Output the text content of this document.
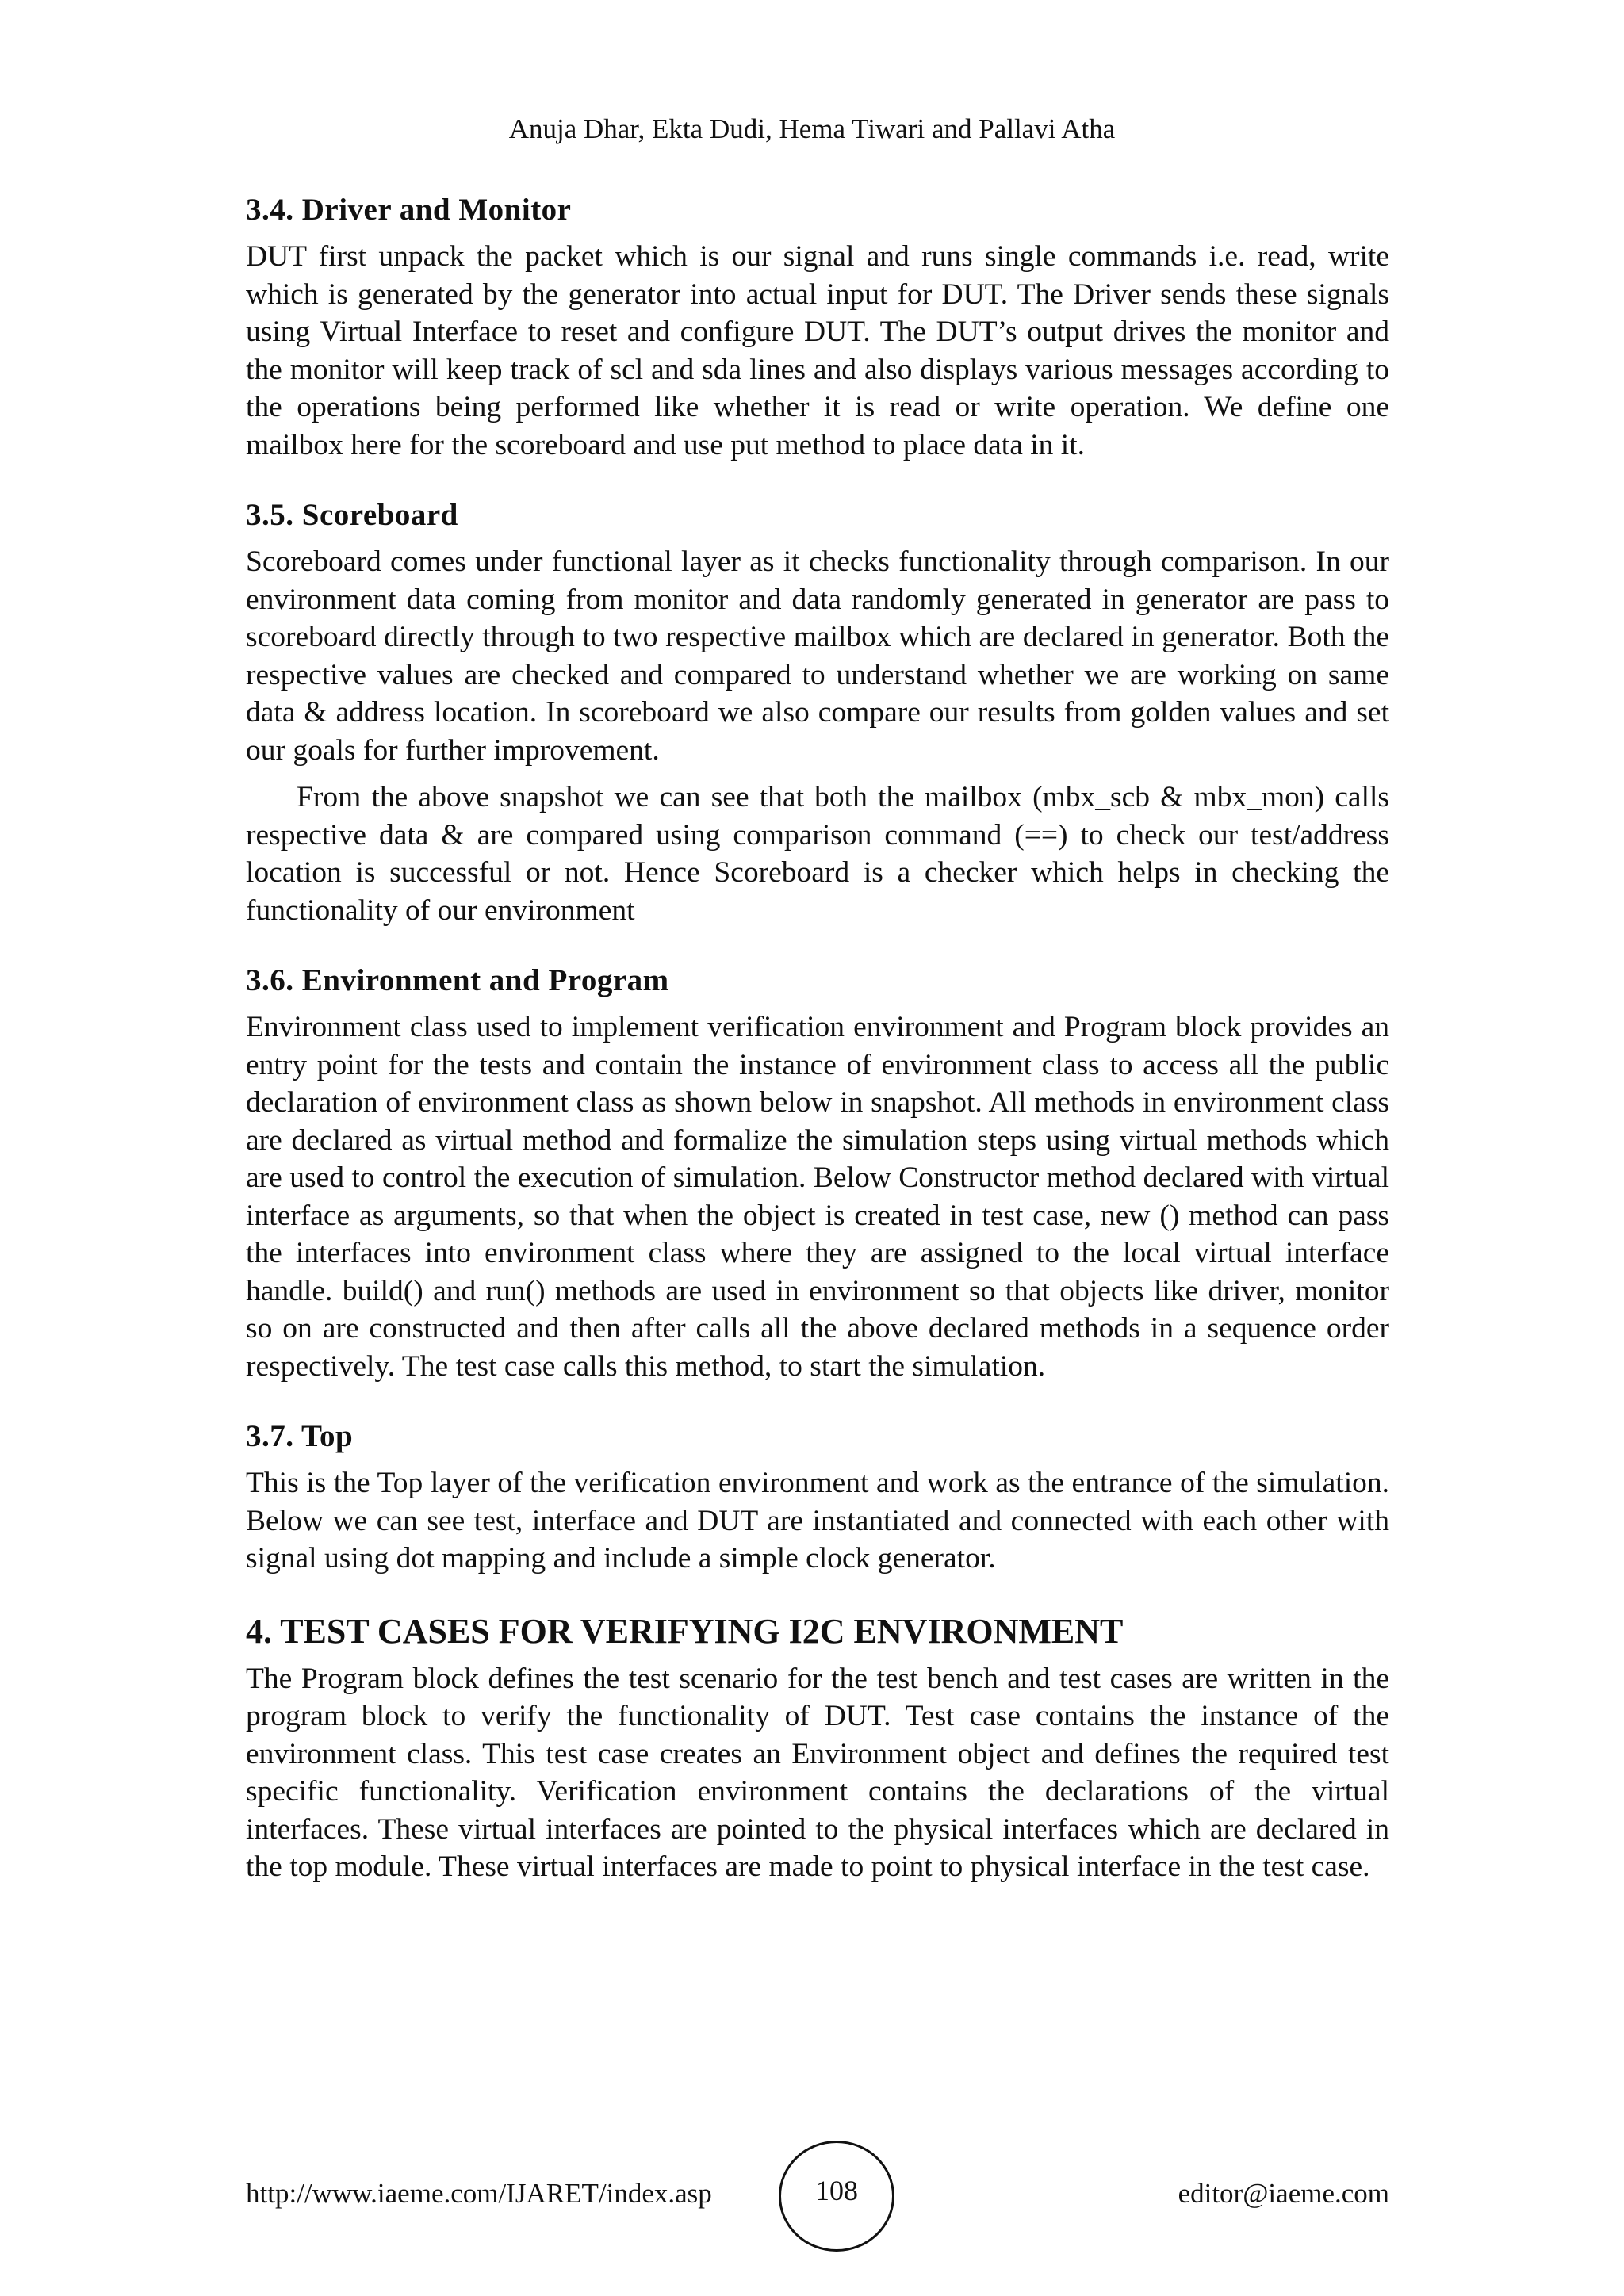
Anuja Dhar, Ekta Dudi, Hema Tiwari and Pallavi Atha
3.4. Driver and Monitor

DUT first unpack the packet which is our signal and runs single commands i.e. read, write which is generated by the generator into actual input for DUT. The Driver sends these signals using Virtual Interface to reset and configure DUT. The DUT’s output drives the monitor and the monitor will keep track of scl and sda lines and also displays various messages according to the operations being performed like whether it is read or write operation. We define one mailbox here for the scoreboard and use put method to place data in it.

3.5. Scoreboard

Scoreboard comes under functional layer as it checks functionality through comparison. In our environment data coming from monitor and data randomly generated in generator are pass to scoreboard directly through to two respective mailbox which are declared in generator. Both the respective values are checked and compared to understand whether we are working on same data & address location. In scoreboard we also compare our results from golden values and set our goals for further improvement.

From the above snapshot we can see that both the mailbox (mbx_scb & mbx_mon) calls respective data & are compared using comparison command (==) to check our test/address location is successful or not. Hence Scoreboard is a checker which helps in checking the functionality of our environment

3.6. Environment and Program

Environment class used to implement verification environment and Program block provides an entry point for the tests and contain the instance of environment class to access all the public declaration of environment class as shown below in snapshot. All methods in environment class are declared as virtual method and formalize the simulation steps using virtual methods which are used to control the execution of simulation. Below Constructor method declared with virtual interface as arguments, so that when the object is created in test case, new () method can pass the interfaces into environment class where they are assigned to the local virtual interface handle. build() and run() methods are used in environment so that objects like driver, monitor so on are constructed and then after calls all the above declared methods in a sequence order respectively. The test case calls this method, to start the simulation.

3.7. Top

This is the Top layer of the verification environment and work as the entrance of the simulation. Below we can see test, interface and DUT are instantiated and connected with each other with signal using dot mapping and include a simple clock generator.

4. TEST CASES FOR VERIFYING I2C ENVIRONMENT

The Program block defines the test scenario for the test bench and test cases are written in the program block to verify the functionality of DUT. Test case contains the instance of the environment class. This test case creates an Environment object and defines the required test specific functionality. Verification environment contains the declarations of the virtual interfaces. These virtual interfaces are pointed to the physical interfaces which are declared in the top module. These virtual interfaces are made to point to physical interface in the test case.

http://www.iaeme.com/IJARET/index.asp	108	editor@iaeme.com
